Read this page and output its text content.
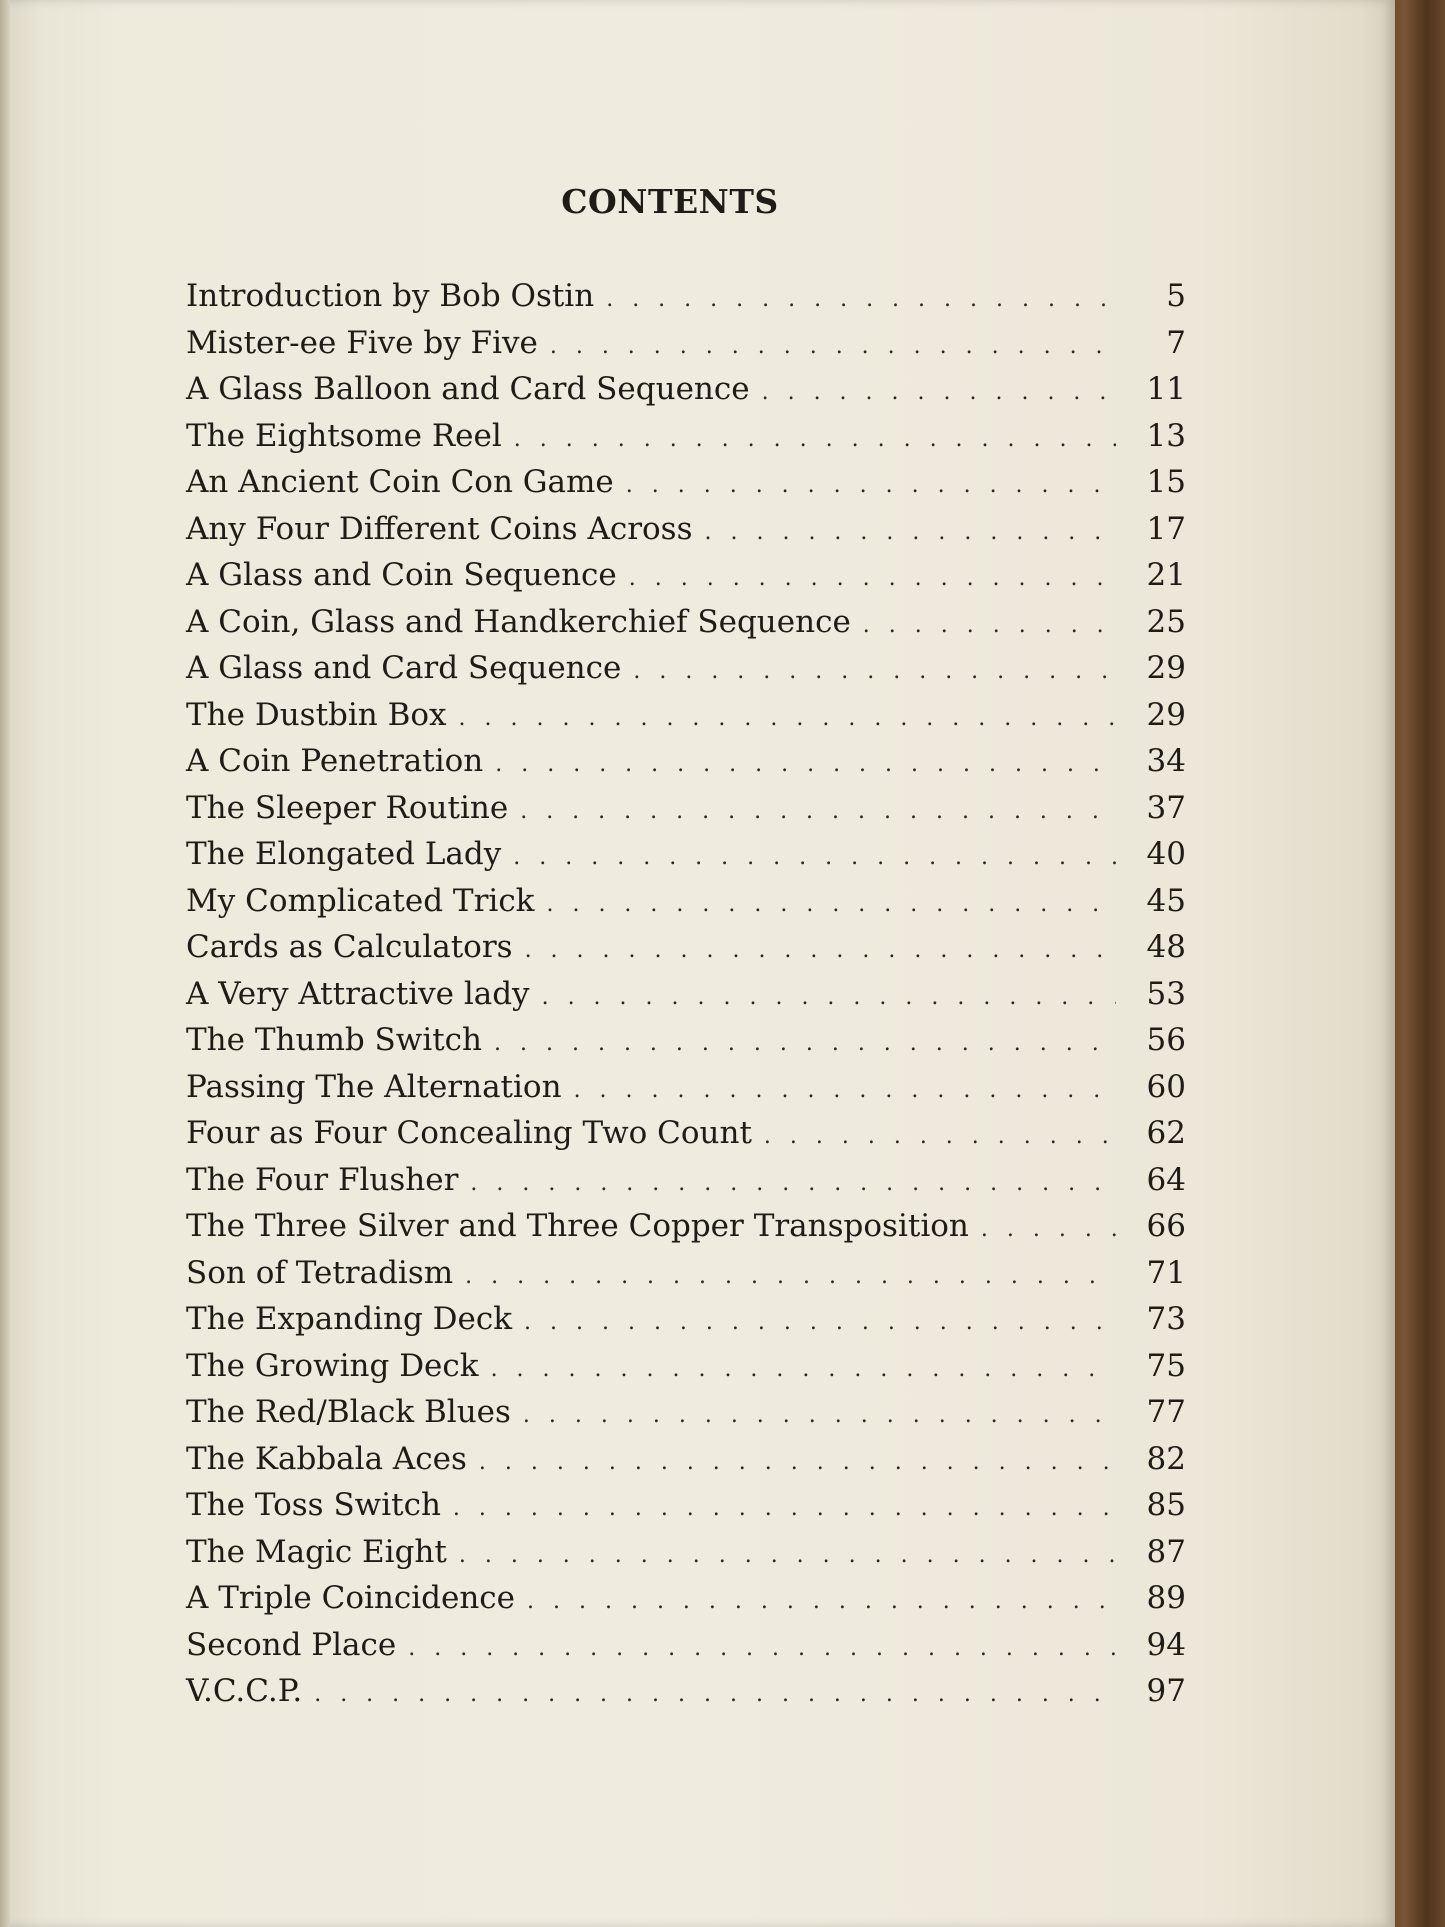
CONTENTS
Introduction by Bob Ostin . . .	5
Mister-ee Five by Five . . .	7
A Glass Balloon and Card Sequence . . .	11
The Eightsome Reel . . .	13
An Ancient Coin Con Game . . .	15
Any Four Different Coins Across . . .	17
A Glass and Coin Sequence . . .	21
A Coin, Glass and Handkerchief Sequence . . .	25
A Glass and Card Sequence . . .	29
The Dustbin Box . . .	29
A Coin Penetration . . .	34
The Sleeper Routine . . .	37
The Elongated Lady . . .	40
My Complicated Trick . . .	45
Cards as Calculators . . .	48
A Very Attractive lady . . .	53
The Thumb Switch . . .	56
Passing The Alternation . . .	60
Four as Four Concealing Two Count . . .	62
The Four Flusher . . .	64
The Three Silver and Three Copper Transposition . . .	66
Son of Tetradism . . .	71
The Expanding Deck . . .	73
The Growing Deck . . .	75
The Red/Black Blues . . .	77
The Kabbala Aces . . .	82
The Toss Switch . . .	85
The Magic Eight . . .	87
A Triple Coincidence . . .	89
Second Place . . .	94
V.C.C.P. . . .	97
